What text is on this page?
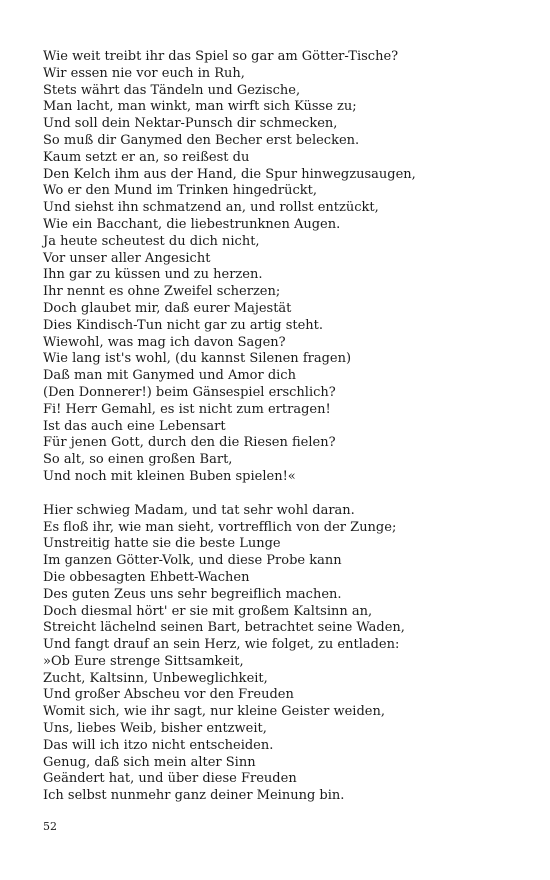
Wie weit treibt ihr das Spiel so gar am Götter-Tische?
Wir essen nie vor euch in Ruh,
Stets währt das Tändeln und Gezische,
Man lacht, man winkt, man wirft sich Küsse zu;
Und soll dein Nektar-Punsch dir schmecken,
So muß dir Ganymed den Becher erst belecken.
Kaum setzt er an, so reißest du
Den Kelch ihm aus der Hand, die Spur hinwegzusaugen,
Wo er den Mund im Trinken hingedrückt,
Und siehst ihn schmatzend an, und rollst entzückt,
Wie ein Bacchant, die liebestrunknen Augen.
Ja heute scheutest du dich nicht,
Vor unser aller Angesicht
Ihn gar zu küssen und zu herzen.
Ihr nennt es ohne Zweifel scherzen;
Doch glaubet mir, daß eurer Majestät
Dies Kindisch-Tun nicht gar zu artig steht.
Wiewohl, was mag ich davon Sagen?
Wie lang ist's wohl, (du kannst Silenen fragen)
Daß man mit Ganymed und Amor dich
(Den Donnerer!) beim Gänsespiel erschlich?
Fi! Herr Gemahl, es ist nicht zum ertragen!
Ist das auch eine Lebensart
Für jenen Gott, durch den die Riesen fielen?
So alt, so einen großen Bart,
Und noch mit kleinen Buben spielen!«
Hier schwieg Madam, und tat sehr wohl daran.
Es floß ihr, wie man sieht, vortrefflich von der Zunge;
Unstreitig hatte sie die beste Lunge
Im ganzen Götter-Volk, und diese Probe kann
Die obbesagten Ehbett-Wachen
Des guten Zeus uns sehr begreiflich machen.
Doch diesmal hört' er sie mit großem Kaltsinn an,
Streicht lächelnd seinen Bart, betrachtet seine Waden,
Und fangt drauf an sein Herz, wie folget, zu entladen:
»Ob Eure strenge Sittsamkeit,
Zucht, Kaltsinn, Unbeweglichkeit,
Und großer Abscheu vor den Freuden
Womit sich, wie ihr sagt, nur kleine Geister weiden,
Uns, liebes Weib, bisher entzweit,
Das will ich itzo nicht entscheiden.
Genug, daß sich mein alter Sinn
Geändert hat, und über diese Freuden
Ich selbst nunmehr ganz deiner Meinung bin.
52
